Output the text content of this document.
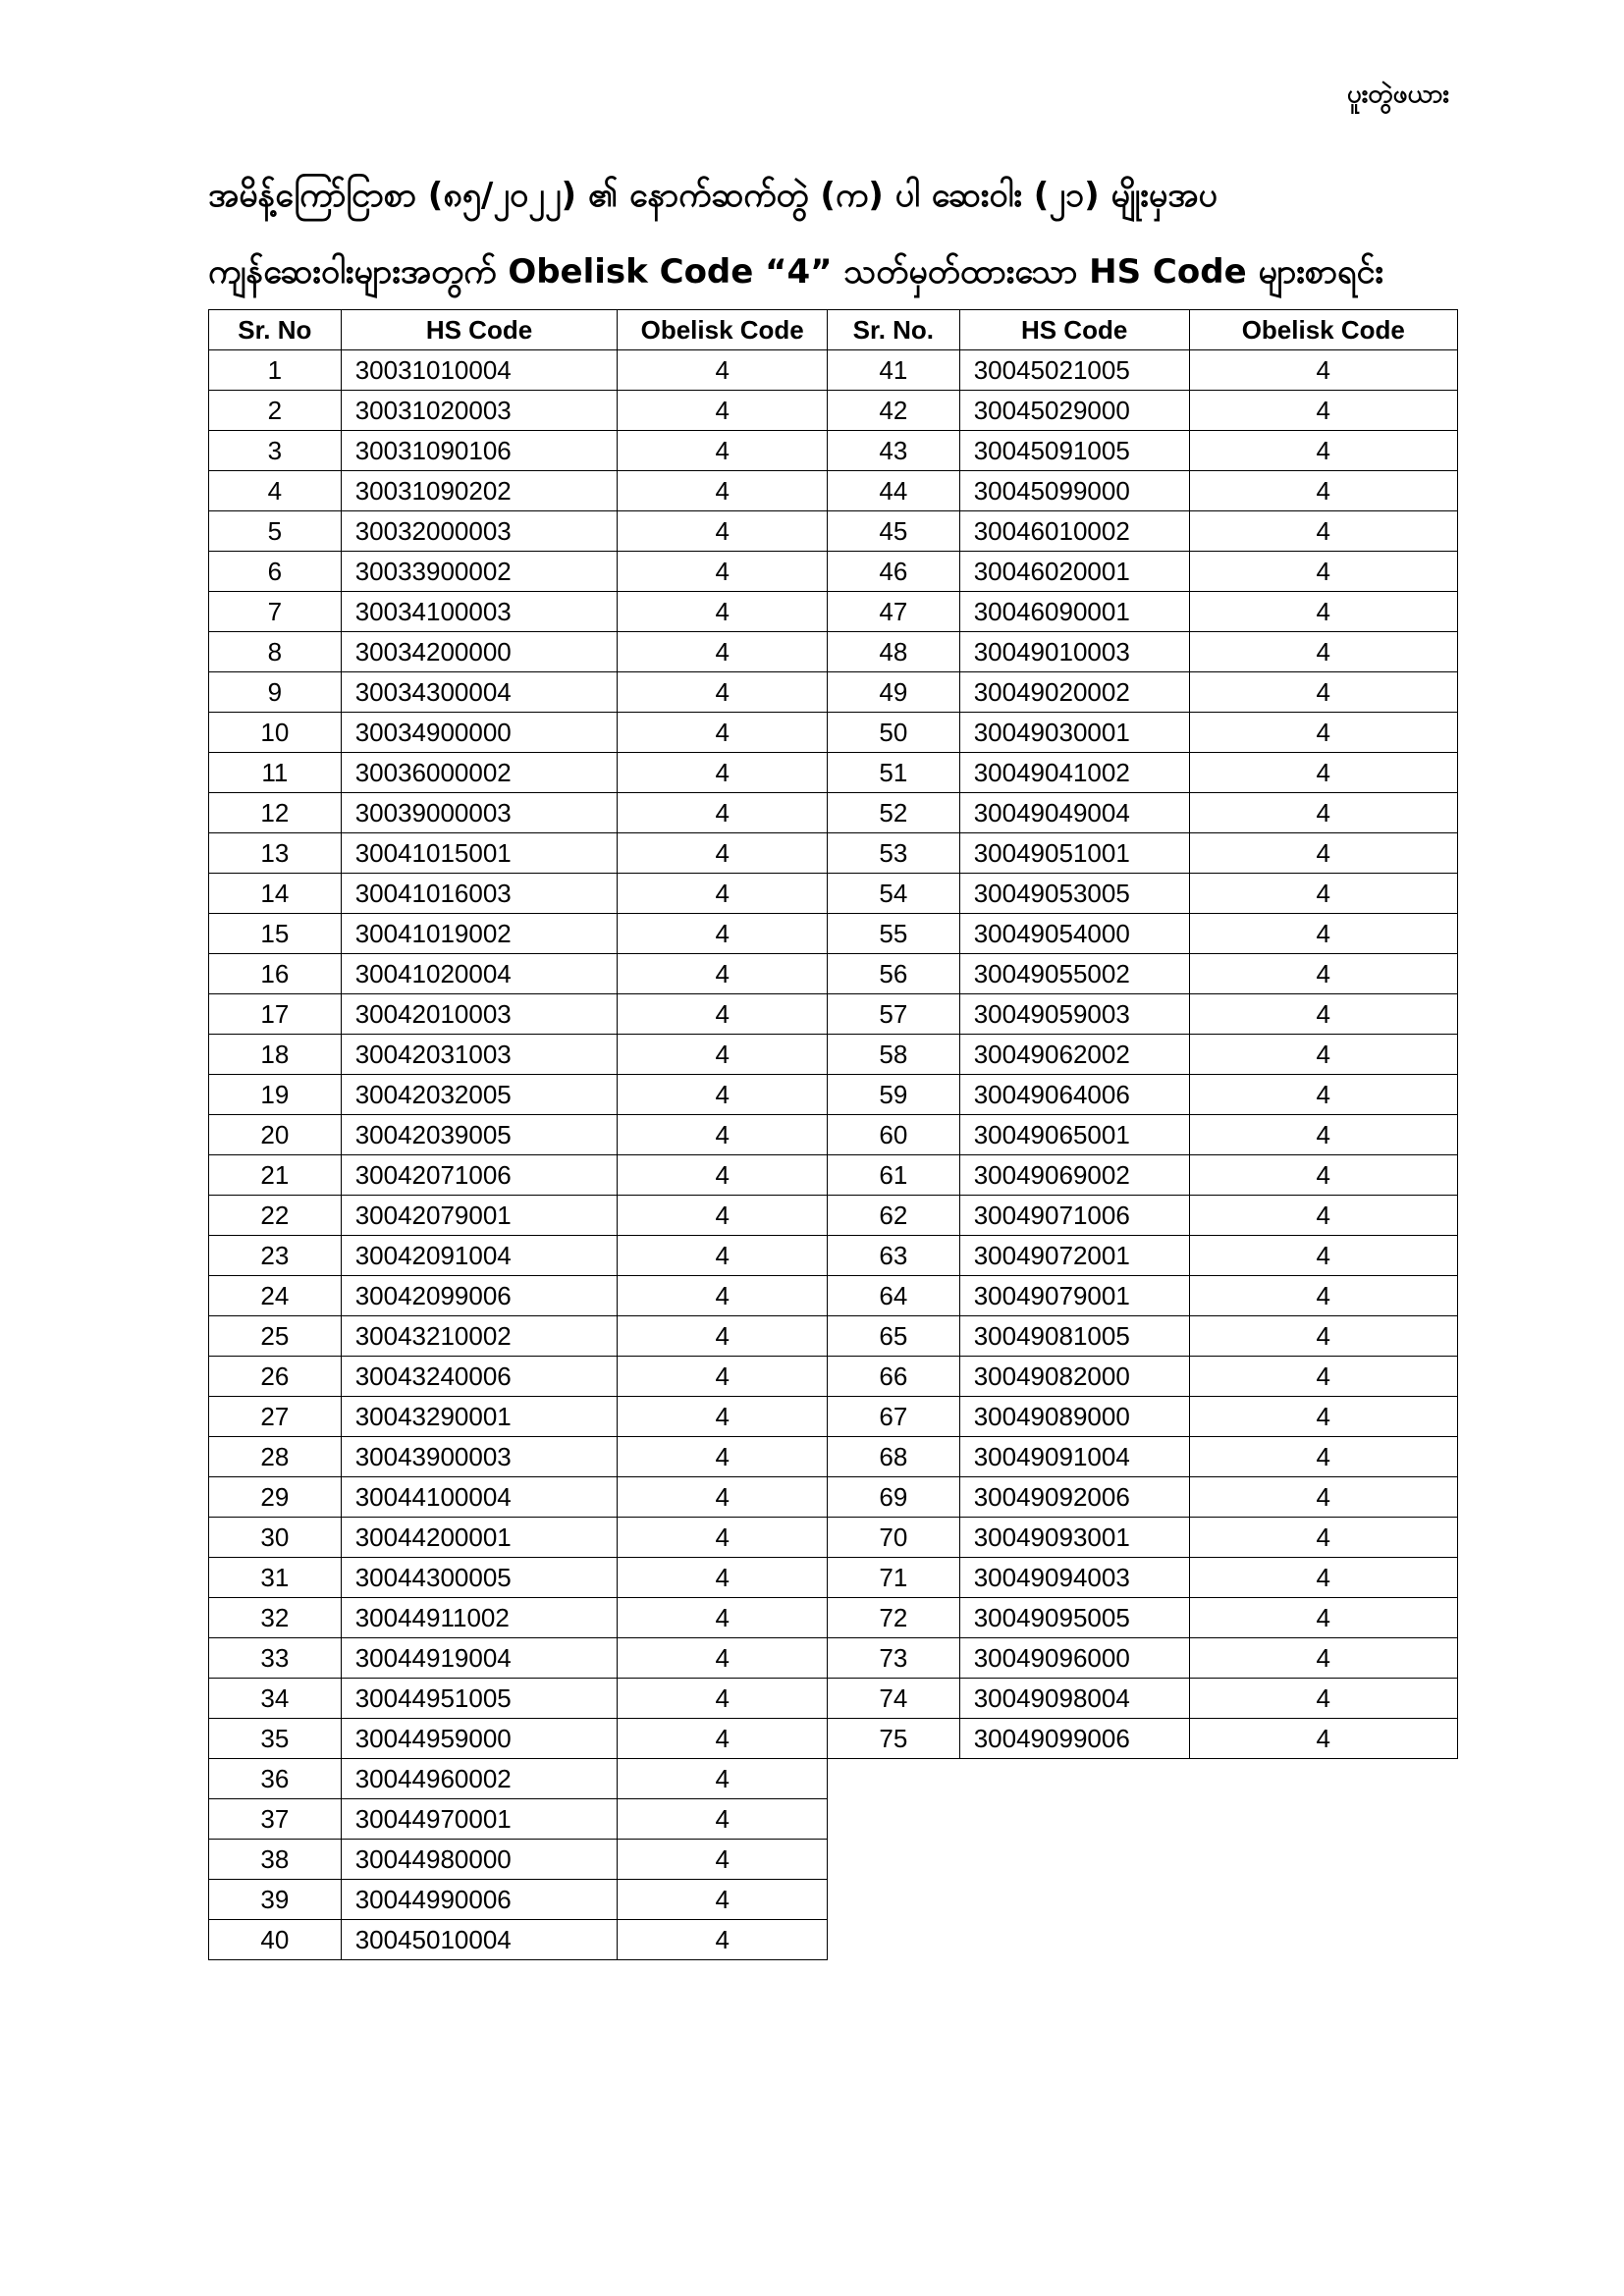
ပူးတွဲဖယား
အမိန့်ကြော်ငြာစာ (၈၅/၂၀၂၂) ၏ နောက်ဆက်တွဲ (က) ပါ ဆေးဝါး (၂၁) မျိုးမှအပ
ကျန်ဆေးဝါးများအတွက် Obelisk Code “4” သတ်မှတ်ထားသော HS Code များစာရင်း
Sr. No	HS Code	Obelisk Code
1	30031010004	4
2	30031020003	4
3	30031090106	4
4	30031090202	4
5	30032000003	4
6	30033900002	4
7	30034100003	4
8	30034200000	4
9	30034300004	4
10	30034900000	4
11	30036000002	4
12	30039000003	4
13	30041015001	4
14	30041016003	4
15	30041019002	4
16	30041020004	4
17	30042010003	4
18	30042031003	4
19	30042032005	4
20	30042039005	4
21	30042071006	4
22	30042079001	4
23	30042091004	4
24	30042099006	4
25	30043210002	4
26	30043240006	4
27	30043290001	4
28	30043900003	4
29	30044100004	4
30	30044200001	4
31	30044300005	4
32	30044911002	4
33	30044919004	4
34	30044951005	4
35	30044959000	4
36	30044960002	4
37	30044970001	4
38	30044980000	4
39	30044990006	4
40	30045010004	4
Sr. No.	HS Code	Obelisk Code
41	30045021005	4
42	30045029000	4
43	30045091005	4
44	30045099000	4
45	30046010002	4
46	30046020001	4
47	30046090001	4
48	30049010003	4
49	30049020002	4
50	30049030001	4
51	30049041002	4
52	30049049004	4
53	30049051001	4
54	30049053005	4
55	30049054000	4
56	30049055002	4
57	30049059003	4
58	30049062002	4
59	30049064006	4
60	30049065001	4
61	30049069002	4
62	30049071006	4
63	30049072001	4
64	30049079001	4
65	30049081005	4
66	30049082000	4
67	30049089000	4
68	30049091004	4
69	30049092006	4
70	30049093001	4
71	30049094003	4
72	30049095005	4
73	30049096000	4
74	30049098004	4
75	30049099006	4
